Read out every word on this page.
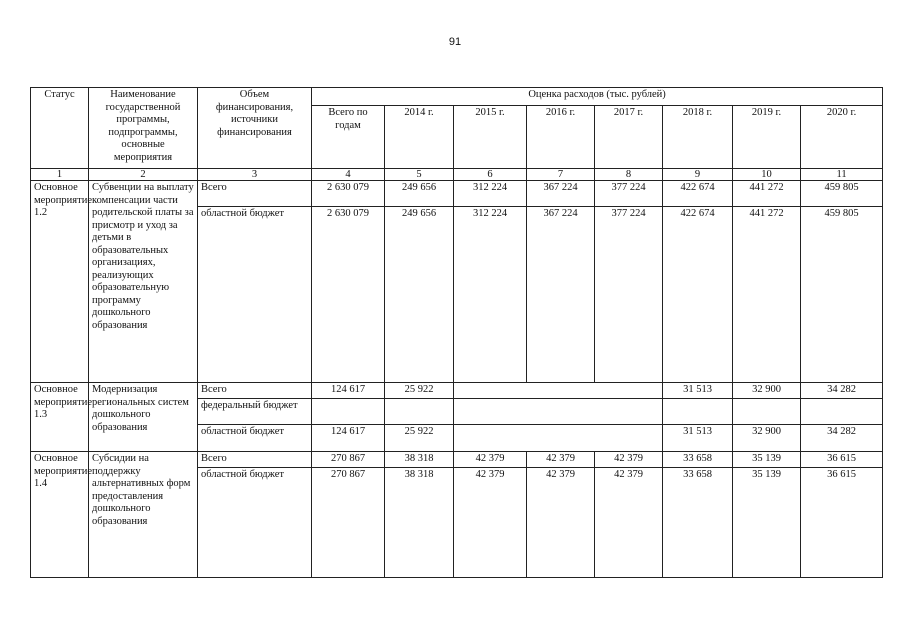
91
Статус	Наименование государственной программы, подпрограммы, основные мероприятия	Объем финансирования, источники финансирования	Оценка расходов (тыс. рублей)							
			Всего по годам	2014 г.	2015 г.	2016 г.	2017 г.	2018 г.	2019 г.	2020 г.
1	2	3	4	5	6	7	8	9	10	11
Основное мероприятие 1.2	Субвенции на выплату компенсации части родительской платы за присмотр и уход за детьми в образовательных организациях, реализующих образовательную программу дошкольного образования	Всего	2 630 079	249 656	312 224	367 224	377 224	422 674	441 272	459 805
		областной бюджет	2 630 079	249 656	312 224	367 224	377 224	422 674	441 272	459 805
Основное мероприятие 1.3	Модернизация региональных систем дошкольного образования	Всего	124 617	25 922				31 513	32 900	34 282
		федеральный бюджет								
		областной бюджет	124 617	25 922				31 513	32 900	34 282
Основное мероприятие 1.4	Субсидии на поддержку альтернативных форм предоставления дошкольного образования	Всего	270 867	38 318	42 379	42 379	42 379	33 658	35 139	36 615
		областной бюджет	270 867	38 318	42 379	42 379	42 379	33 658	35 139	36 615
